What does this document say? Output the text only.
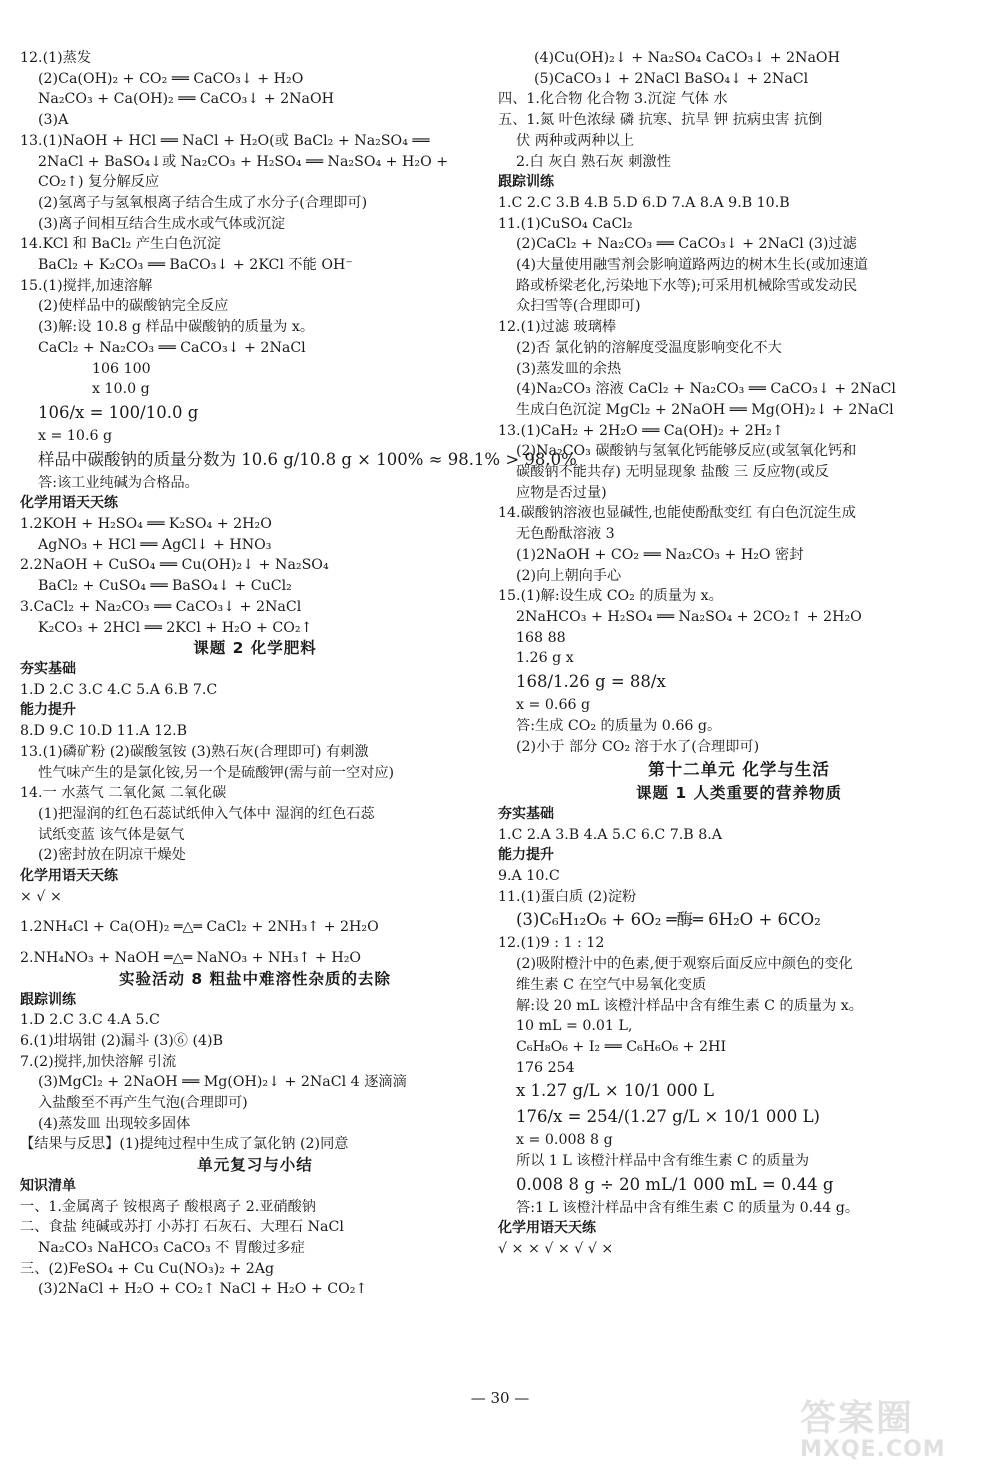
12.(1)蒸发
(2)Ca(OH)₂ + CO₂ ══ CaCO₃↓ + H₂O
Na₂CO₃ + Ca(OH)₂ ══ CaCO₃↓ + 2NaOH
(3)A
13.(1)NaOH + HCl ══ NaCl + H₂O(或 BaCl₂ + Na₂SO₄ ══
2NaCl + BaSO₄↓或 Na₂CO₃ + H₂SO₄ ══ Na₂SO₄ + H₂O +
CO₂↑) 复分解反应
(2)氢离子与氢氧根离子结合生成了水分子(合理即可)
(3)离子间相互结合生成水或气体或沉淀
14.KCl 和 BaCl₂ 产生白色沉淀
BaCl₂ + K₂CO₃ ══ BaCO₃↓ + 2KCl 不能 OH⁻
15.(1)搅拌,加速溶解
(2)使样品中的碳酸钠完全反应
(3)解:设 10.8 g 样品中碳酸钠的质量为 x。
CaCl₂ + Na₂CO₃ ══ CaCO₃↓ + 2NaCl
106 100
x 10.0 g
106/x = 100/10.0 g
x = 10.6 g
样品中碳酸钠的质量分数为 10.6 g/10.8 g × 100% ≈ 98.1% > 98.0%
答:该工业纯碱为合格品。
化学用语天天练
1.2KOH + H₂SO₄ ══ K₂SO₄ + 2H₂O
AgNO₃ + HCl ══ AgCl↓ + HNO₃
2.2NaOH + CuSO₄ ══ Cu(OH)₂↓ + Na₂SO₄
BaCl₂ + CuSO₄ ══ BaSO₄↓ + CuCl₂
3.CaCl₂ + Na₂CO₃ ══ CaCO₃↓ + 2NaCl
K₂CO₃ + 2HCl ══ 2KCl + H₂O + CO₂↑
课题 2 化学肥料
夯实基础
1.D 2.C 3.C 4.C 5.A 6.B 7.C
能力提升
8.D 9.C 10.D 11.A 12.B
13.(1)磷矿粉 (2)碳酸氢铵 (3)熟石灰(合理即可) 有刺激
性气味产生的是氯化铵,另一个是硫酸钾(需与前一空对应)
14.一 水蒸气 二氧化氮 二氧化碳
(1)把湿润的红色石蕊试纸伸入气体中 湿润的红色石蕊
试纸变蓝 该气体是氨气
(2)密封放在阴凉干燥处
化学用语天天练
× √ ×
1.2NH₄Cl + Ca(OH)₂ ═△═ CaCl₂ + 2NH₃↑ + 2H₂O
2.NH₄NO₃ + NaOH ═△═ NaNO₃ + NH₃↑ + H₂O
实验活动 8 粗盐中难溶性杂质的去除
跟踪训练
1.D 2.C 3.C 4.A 5.C
6.(1)坩埚钳 (2)漏斗 (3)⑥ (4)B
7.(2)搅拌,加快溶解 引流
(3)MgCl₂ + 2NaOH ══ Mg(OH)₂↓ + 2NaCl 4 逐滴滴
入盐酸至不再产生气泡(合理即可)
(4)蒸发皿 出现较多固体
【结果与反思】(1)提纯过程中生成了氯化钠 (2)同意
单元复习与小结
知识清单
一、1.金属离子 铵根离子 酸根离子 2.亚硝酸钠
二、食盐 纯碱或苏打 小苏打 石灰石、大理石 NaCl
Na₂CO₃ NaHCO₃ CaCO₃ 不 胃酸过多症
三、(2)FeSO₄ + Cu Cu(NO₃)₂ + 2Ag
(3)2NaCl + H₂O + CO₂↑ NaCl + H₂O + CO₂↑
(4)Cu(OH)₂↓ + Na₂SO₄ CaCO₃↓ + 2NaOH
(5)CaCO₃↓ + 2NaCl BaSO₄↓ + 2NaCl
四、1.化合物 化合物 3.沉淀 气体 水
五、1.氮 叶色浓绿 磷 抗寒、抗旱 钾 抗病虫害 抗倒
伏 两种或两种以上
2.白 灰白 熟石灰 刺激性
跟踪训练
1.C 2.C 3.B 4.B 5.D 6.D 7.A 8.A 9.B 10.B
11.(1)CuSO₄ CaCl₂
(2)CaCl₂ + Na₂CO₃ ══ CaCO₃↓ + 2NaCl (3)过滤
(4)大量使用融雪剂会影响道路两边的树木生长(或加速道
路或桥梁老化,污染地下水等);可采用机械除雪或发动民
众扫雪等(合理即可)
12.(1)过滤 玻璃棒
(2)否 氯化钠的溶解度受温度影响变化不大
(3)蒸发皿的余热
(4)Na₂CO₃ 溶液 CaCl₂ + Na₂CO₃ ══ CaCO₃↓ + 2NaCl
生成白色沉淀 MgCl₂ + 2NaOH ══ Mg(OH)₂↓ + 2NaCl
13.(1)CaH₂ + 2H₂O ══ Ca(OH)₂ + 2H₂↑
(2)Na₂CO₃ 碳酸钠与氢氧化钙能够反应(或氢氧化钙和
碳酸钠不能共存) 无明显现象 盐酸 三 反应物(或反
应物是否过量)
14.碳酸钠溶液也显碱性,也能使酚酞变红 有白色沉淀生成
无色酚酞溶液 3
(1)2NaOH + CO₂ ══ Na₂CO₃ + H₂O 密封
(2)向上朝向手心
15.(1)解:设生成 CO₂ 的质量为 x。
2NaHCO₃ + H₂SO₄ ══ Na₂SO₄ + 2CO₂↑ + 2H₂O
168 88
1.26 g x
168/1.26 g = 88/x
x = 0.66 g
答:生成 CO₂ 的质量为 0.66 g。
(2)小于 部分 CO₂ 溶于水了(合理即可)
第十二单元 化学与生活
课题 1 人类重要的营养物质
夯实基础
1.C 2.A 3.B 4.A 5.C 6.C 7.B 8.A
能力提升
9.A 10.C
11.(1)蛋白质 (2)淀粉
(3)C₆H₁₂O₆ + 6O₂ ═酶═ 6H₂O + 6CO₂
12.(1)9 : 1 : 12
(2)吸附橙汁中的色素,便于观察后面反应中颜色的变化
维生素 C 在空气中易氧化变质
解:设 20 mL 该橙汁样品中含有维生素 C 的质量为 x。
10 mL = 0.01 L,
C₆H₈O₆ + I₂ ══ C₆H₆O₆ + 2HI
176 254
x 1.27 g/L × 10/1 000 L
176/x = 254/(1.27 g/L × 10/1 000 L)
x = 0.008 8 g
所以 1 L 该橙汁样品中含有维生素 C 的质量为
0.008 8 g ÷ 20 mL/1 000 mL = 0.44 g
答:1 L 该橙汁样品中含有维生素 C 的质量为 0.44 g。
化学用语天天练
√ × × √ × √ √ ×
— 30 —	答案圈
MXQE.COM
